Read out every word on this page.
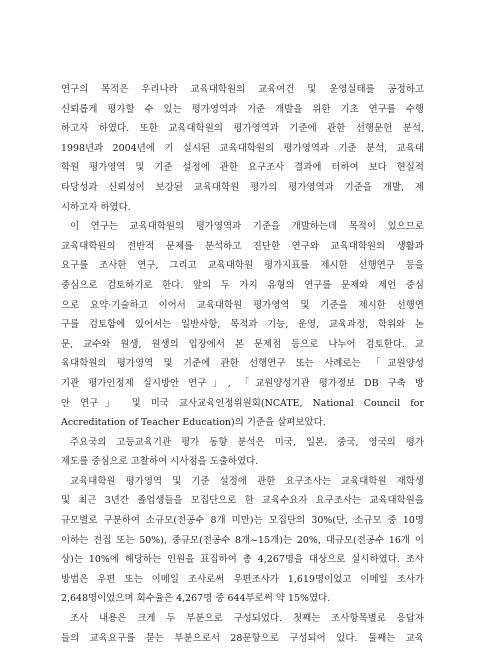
연구의 목적은 우리나라 교육대학원의 교육여건 및 운영실태를 공정하고
신뢰롭게 평가할 수 있는 평가영역과 기준 개발을 위한 기초 연구를 수행
하고자 하였다. 또한 교육대학원의 평가영역과 기준에 관한 선행문헌 분석,
1998년과 2004년에 기 실시된 교육대학원의 평가영역과 기준 분석, 교육대
학원 평가영역 및 기준 설정에 관한 요구조사 결과에 터하여 보다 현실적
타당성과 신뢰성이 보강된 교육대학원 평가의 평가영역과 기준을 개발, 제
시하고자 하였다.
이 연구는 교육대학원의 평가영역과 기준을 개발하는데 목적이 있으므로
교육대학원의 전반적 문제를 분석하고 진단한 연구와 교육대학원의 생활과
요구를 조사한 연구, 그리고 교육대학원 평가지표를 제시한 선행연구 등을
중심으로 검토하기로 한다. 앞의 두 가지 유형의 연구를 문제와 제언 중심
으로 요약·기술하고 이어서 교육대학원 평가영역 및 기준을 제시한 선행연
구를 검토함에 있어서는 일반사항, 목적과 기능, 운영, 교육과정, 학위와 논
문, 교수와 원생, 원생의 입장에서 본 문제점 등으로 나누어 검토한다. 교
육대학원의 평가영역 및 기준에 관한 선행연구 또는 사례로는 「교원양성
기관 평가인정제 실시방안 연구」, 「교원양성기관 평가정보 DB 구축 방
안 연구」 및 미국 교사교육인정위원회(NCATE, National Council for
Accreditation of Teacher Education)의 기준을 살펴보았다.
주요국의 고등교육기관 평가 동향 분석은 미국, 일본, 중국, 영국의 평가
제도를 중심으로 고찰하여 시사점을 도출하였다.
교육대학원 평가영역 및 기준 설정에 관한 요구조사는 교육대학원 재학생
및 최근 3년간 졸업생들을 모집단으로 한 교육수요자 요구조사는 교육대학원을
규모별로 구분하여 소규모(전공수 8개 미만)는 모집단의 30%(단, 소규모 중 10명
이하는 전집 또는 50%), 중규모(전공수 8개~15개)는 20%, 대규모(전공수 16개 이
상)는 10%에 해당하는 인원을 표집하여 총 4,267명을 대상으로 실시하였다. 조사
방법은 우편 또는 이메일 조사로써 우편조사가 1,619명이었고 이메일 조사가
2,648명이었으며 회수율은 4,267명 중 644부로써 약 15%였다.
조사 내용은 크게 두 부분으로 구성되었다. 첫째는 조사항목별로 응답자
들의 교육요구를 묻는 부분으로서 28문항으로 구성되어 있다. 둘째는 교육
